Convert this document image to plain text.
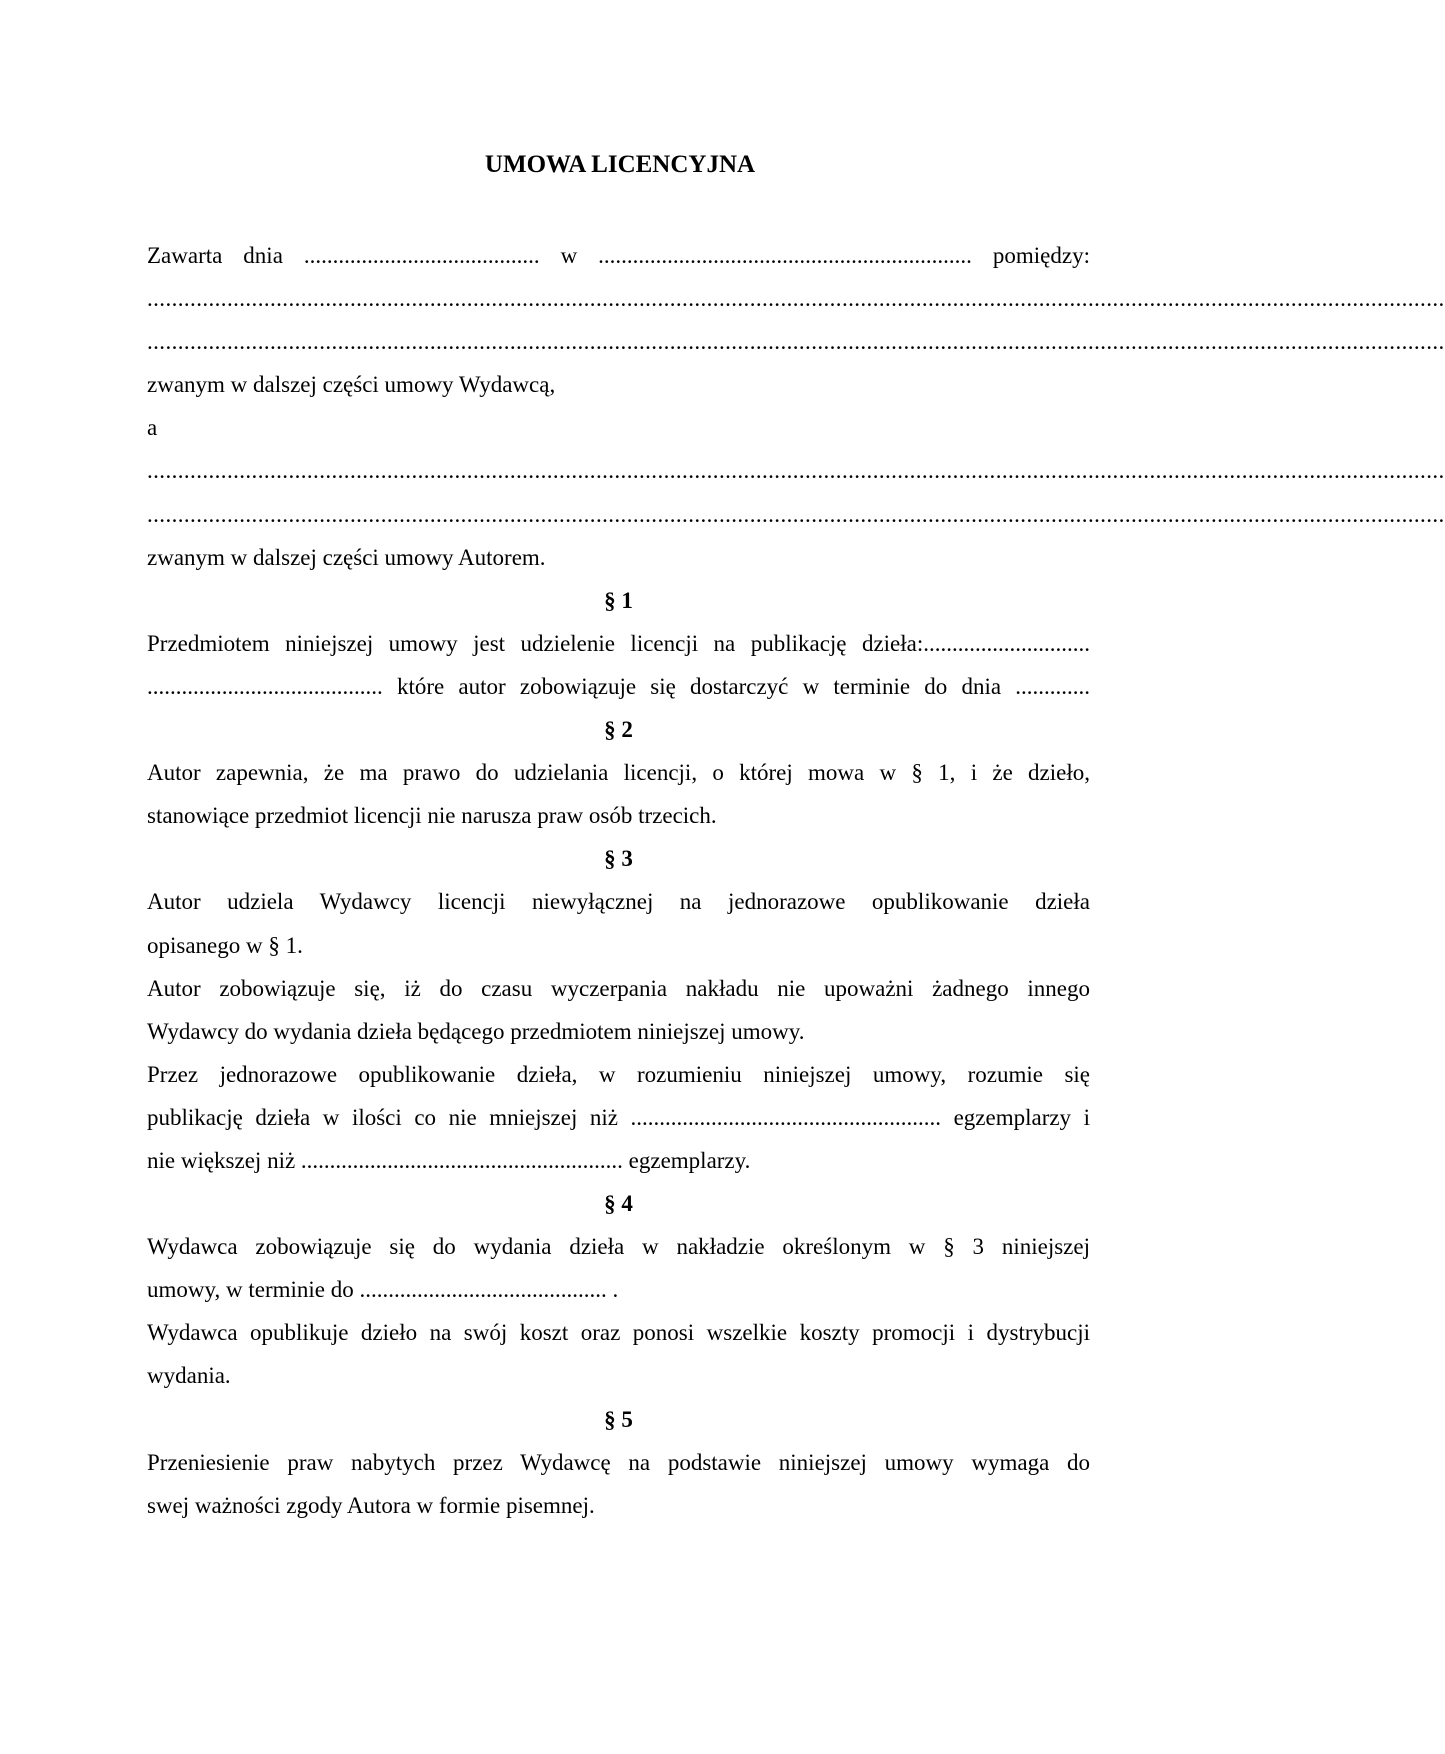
UMOWA LICENCYJNA
Zawarta dnia ......................................... w ................................................................. pomiędzy:
...................................................................................................................................................................................................................
...................................................................................................................................................................................................................
zwanym w dalszej części umowy Wydawcą,
a
...................................................................................................................................................................................................................
...................................................................................................................................................................................................................
zwanym w dalszej części umowy Autorem.
§ 1
Przedmiotem niniejszej umowy jest udzielenie licencji na publikację dzieła:.............................
......................................... które autor zobowiązuje się dostarczyć w terminie do dnia .............
§ 2
Autor zapewnia, że ma prawo do udzielania licencji, o której mowa w § 1, i że dzieło,
stanowiące przedmiot licencji nie narusza praw osób trzecich.
§ 3
Autor udziela Wydawcy licencji niewyłącznej na jednorazowe opublikowanie dzieła
opisanego w § 1.
Autor zobowiązuje się, iż do czasu wyczerpania nakładu nie upoważni żadnego innego
Wydawcy do wydania dzieła będącego przedmiotem niniejszej umowy.
Przez jednorazowe opublikowanie dzieła, w rozumieniu niniejszej umowy, rozumie się
publikację dzieła w ilości co nie mniejszej niż ...................................................... egzemplarzy i
nie większej niż ........................................................ egzemplarzy.
§ 4
Wydawca zobowiązuje się do wydania dzieła w nakładzie określonym w § 3 niniejszej
umowy, w terminie do ........................................... .
Wydawca opublikuje dzieło na swój koszt oraz ponosi wszelkie koszty promocji i dystrybucji
wydania.
§ 5
Przeniesienie praw nabytych przez Wydawcę na podstawie niniejszej umowy wymaga do
swej ważności zgody Autora w formie pisemnej.
